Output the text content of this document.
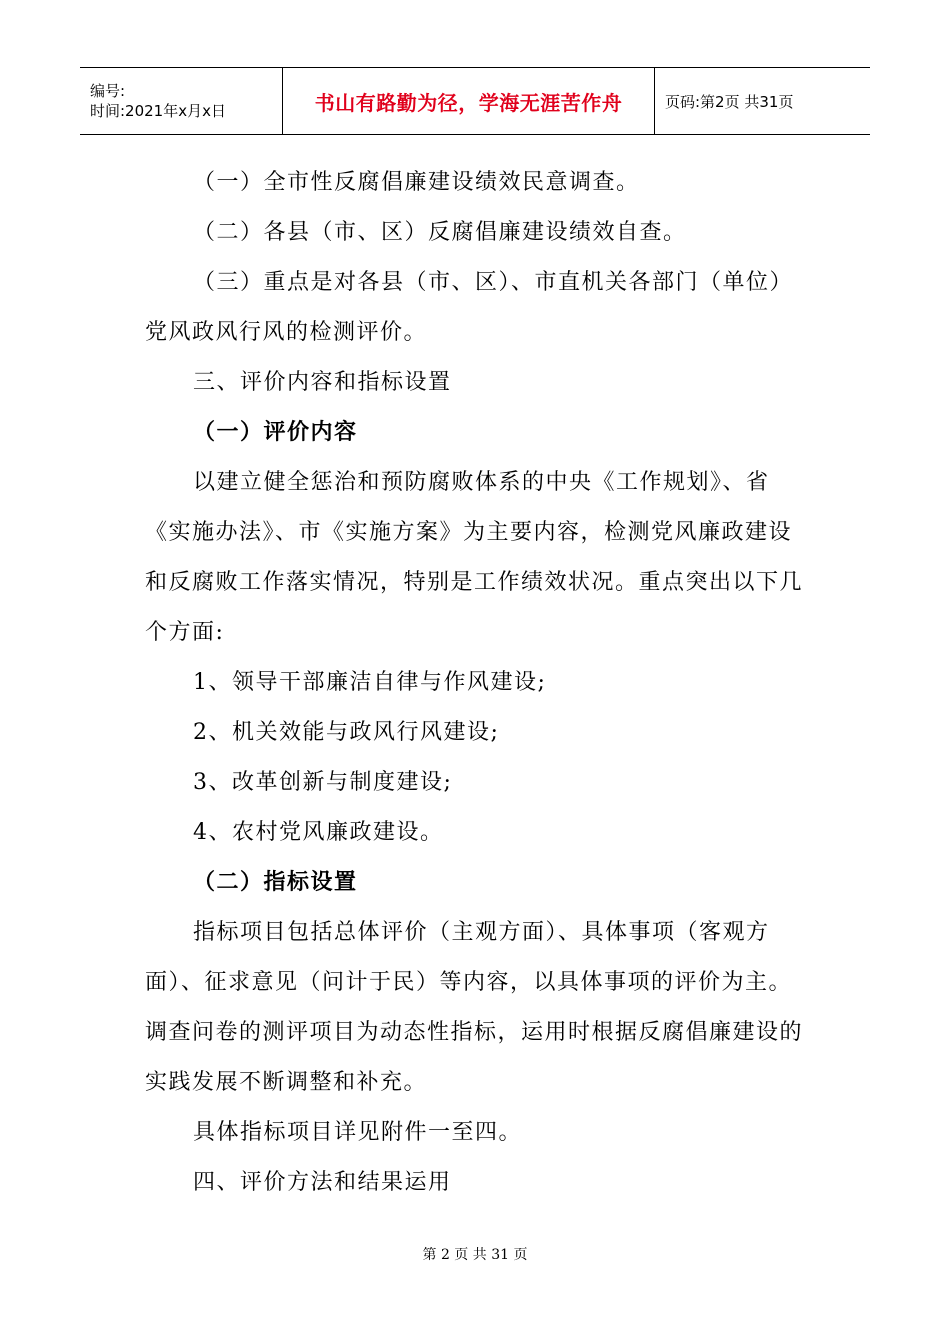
编号:
时间:2021年x月x日	书山有路勤为径，学海无涯苦作舟	页码:第2页 共31页

（一）全市性反腐倡廉建设绩效民意调查。

（二）各县（市、区）反腐倡廉建设绩效自查。

（三）重点是对各县（市、区）、市直机关各部门（单位）党风政风行风的检测评价。

三、评价内容和指标设置

（一）评价内容

以建立健全惩治和预防腐败体系的中央《工作规划》、省《实施办法》、市《实施方案》为主要内容，检测党风廉政建设和反腐败工作落实情况，特别是工作绩效状况。重点突出以下几个方面:

1、领导干部廉洁自律与作风建设;

2、机关效能与政风行风建设;

3、改革创新与制度建设;

4、农村党风廉政建设。

（二）指标设置

指标项目包括总体评价（主观方面）、具体事项（客观方面）、征求意见（问计于民）等内容，以具体事项的评价为主。调查问卷的测评项目为动态性指标，运用时根据反腐倡廉建设的实践发展不断调整和补充。

具体指标项目详见附件一至四。

四、评价方法和结果运用

第 2 页 共 31 页
